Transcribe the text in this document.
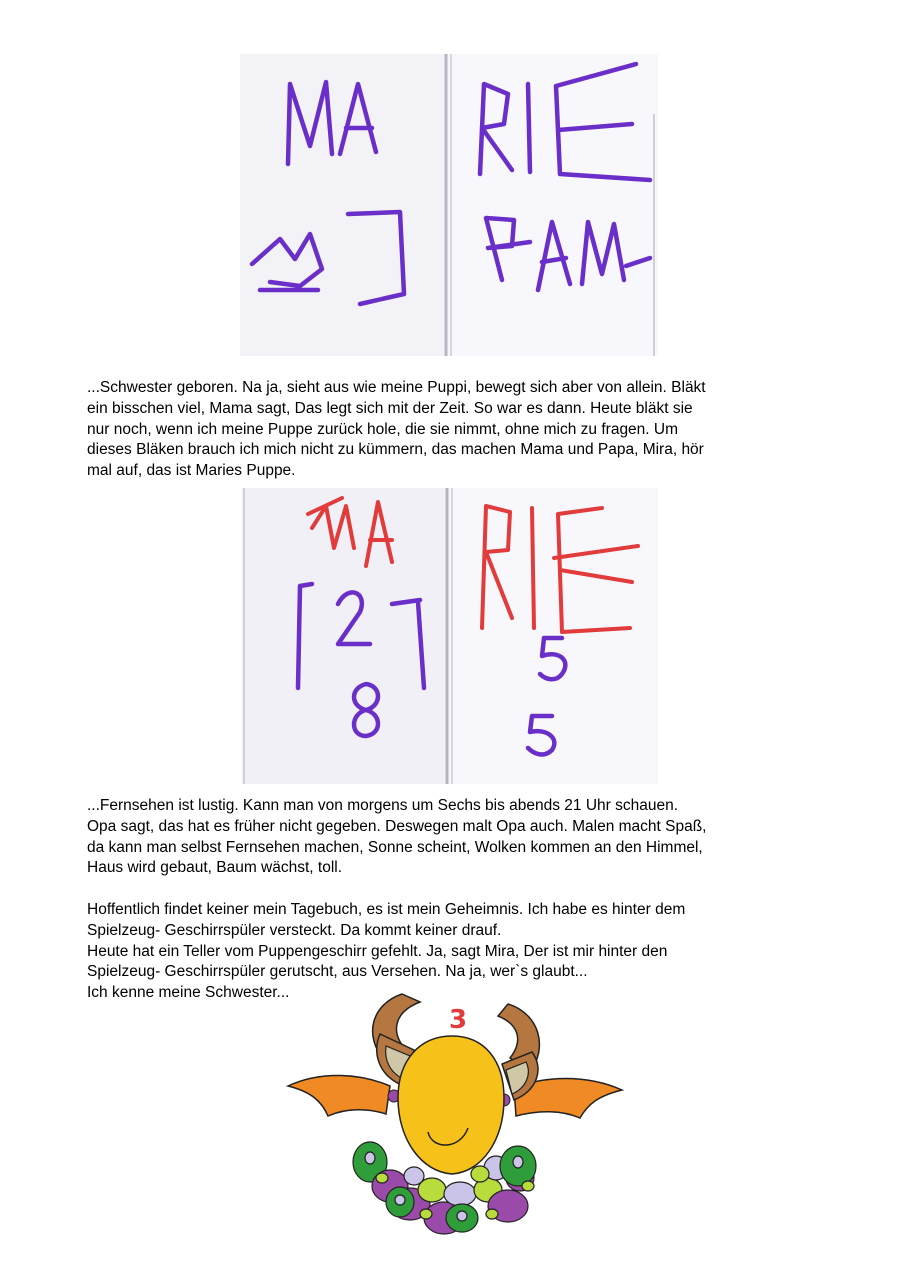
...Schwester geboren. Na ja, sieht aus wie meine Puppi, bewegt sich aber von allein. Bläkt
ein bisschen viel, Mama sagt, Das legt sich mit der Zeit. So war es dann. Heute bläkt sie
nur noch, wenn ich meine Puppe zurück hole, die sie nimmt, ohne mich zu fragen. Um
dieses Bläken brauch ich mich nicht zu kümmern, das machen Mama und Papa, Mira, hör
mal auf, das ist Maries Puppe.
...Fernsehen ist lustig. Kann man von morgens um Sechs bis abends 21 Uhr schauen.
Opa sagt, das hat es früher nicht gegeben. Deswegen malt Opa auch. Malen macht Spaß,
da kann man selbst Fernsehen machen, Sonne scheint, Wolken kommen an den Himmel,
Haus wird gebaut, Baum wächst, toll.
Hoffentlich findet keiner mein Tagebuch, es ist mein Geheimnis. Ich habe es hinter dem
Spielzeug- Geschirrspüler versteckt. Da kommt keiner drauf.
Heute hat ein Teller vom Puppengeschirr gefehlt. Ja, sagt Mira, Der ist mir hinter den
Spielzeug- Geschirrspüler gerutscht, aus Versehen. Na ja, wer`s glaubt...
Ich kenne meine Schwester...
3
